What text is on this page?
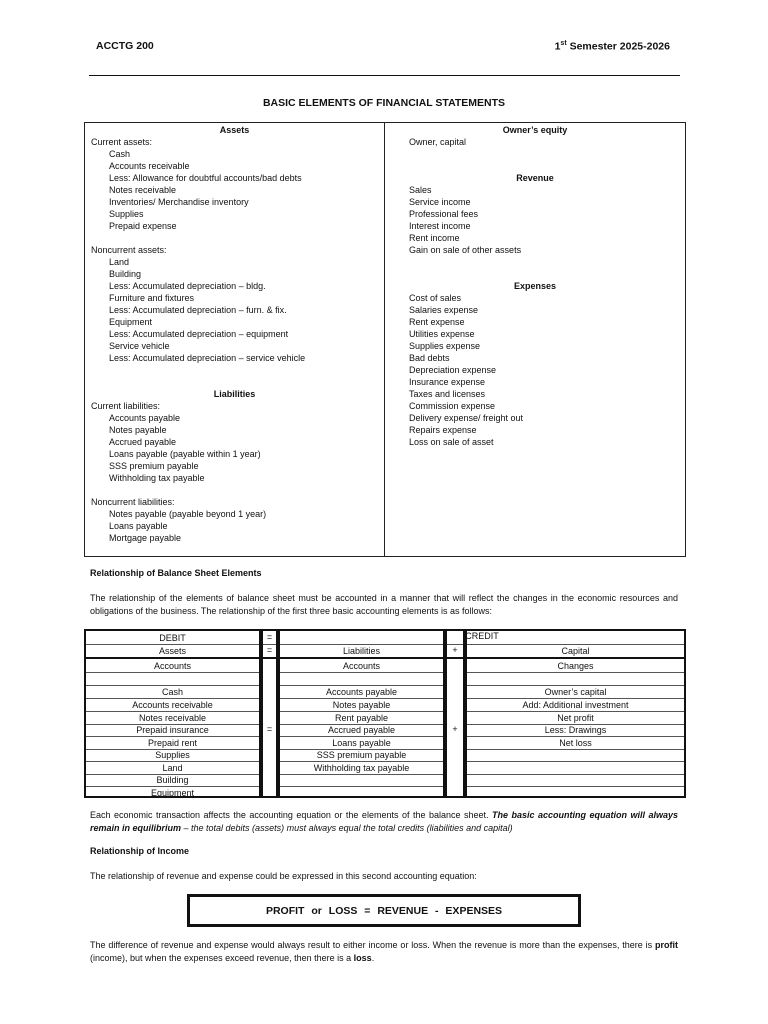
ACCTG 200	1st Semester 2025-2026
BASIC ELEMENTS OF FINANCIAL STATEMENTS
Assets
Current assets:
Cash
Accounts receivable
Less: Allowance for doubtful accounts/bad debts
Notes receivable
Inventories/ Merchandise inventory
Supplies
Prepaid expense
Noncurrent assets:
Land
Building
Less: Accumulated depreciation – bldg.
Furniture and fixtures
Less: Accumulated depreciation – furn. & fix.
Equipment
Less: Accumulated depreciation – equipment
Service vehicle
Less: Accumulated depreciation – service vehicle
Liabilities
Current liabilities:
Accounts payable
Notes payable
Accrued payable
Loans payable (payable within 1 year)
SSS premium payable
Withholding tax payable
Noncurrent liabilities:
Notes payable (payable beyond 1 year)
Loans payable
Mortgage payable
Owner’s equity
Owner, capital
Revenue
Sales
Service income
Professional fees
Interest income
Rent income
Gain on sale of other assets
Expenses
Cost of sales
Salaries expense
Rent expense
Utilities expense
Supplies expense
Bad debts
Depreciation expense
Insurance expense
Taxes and licenses
Commission expense
Delivery expense/ freight out
Repairs expense
Loss on sale of asset
Relationship of Balance Sheet Elements
The relationship of the elements of balance sheet must be accounted in a manner that will reflect the changes in the economic resources and obligations of the business. The relationship of the first three basic accounting elements is as follows:
DEBIT
Assets
Accounts
Cash
Accounts receivable
Notes receivable
Prepaid insurance
Prepaid rent
Supplies
Land
Building
Equipment
=
=
=
Liabilities
Accounts
Accounts payable
Notes payable
Rent payable
Accrued payable
Loans payable
SSS premium payable
Withholding tax payable
+
+
Capital
Changes
Owner’s capital
Add: Additional investment
Net profit
Less: Drawings
Net loss
CREDIT
Each economic transaction affects the accounting equation or the elements of the balance sheet. The basic accounting equation will always remain in equilibrium – the total debits (assets) must always equal the total credits (liabilities and capital)
Relationship of Income
The relationship of revenue and expense could be expressed in this second accounting equation:
PROFIT or LOSS = REVENUE - EXPENSES
The difference of revenue and expense would always result to either income or loss. When the revenue is more than the expenses, there is profit (income), but when the expenses exceed revenue, then there is a loss.
